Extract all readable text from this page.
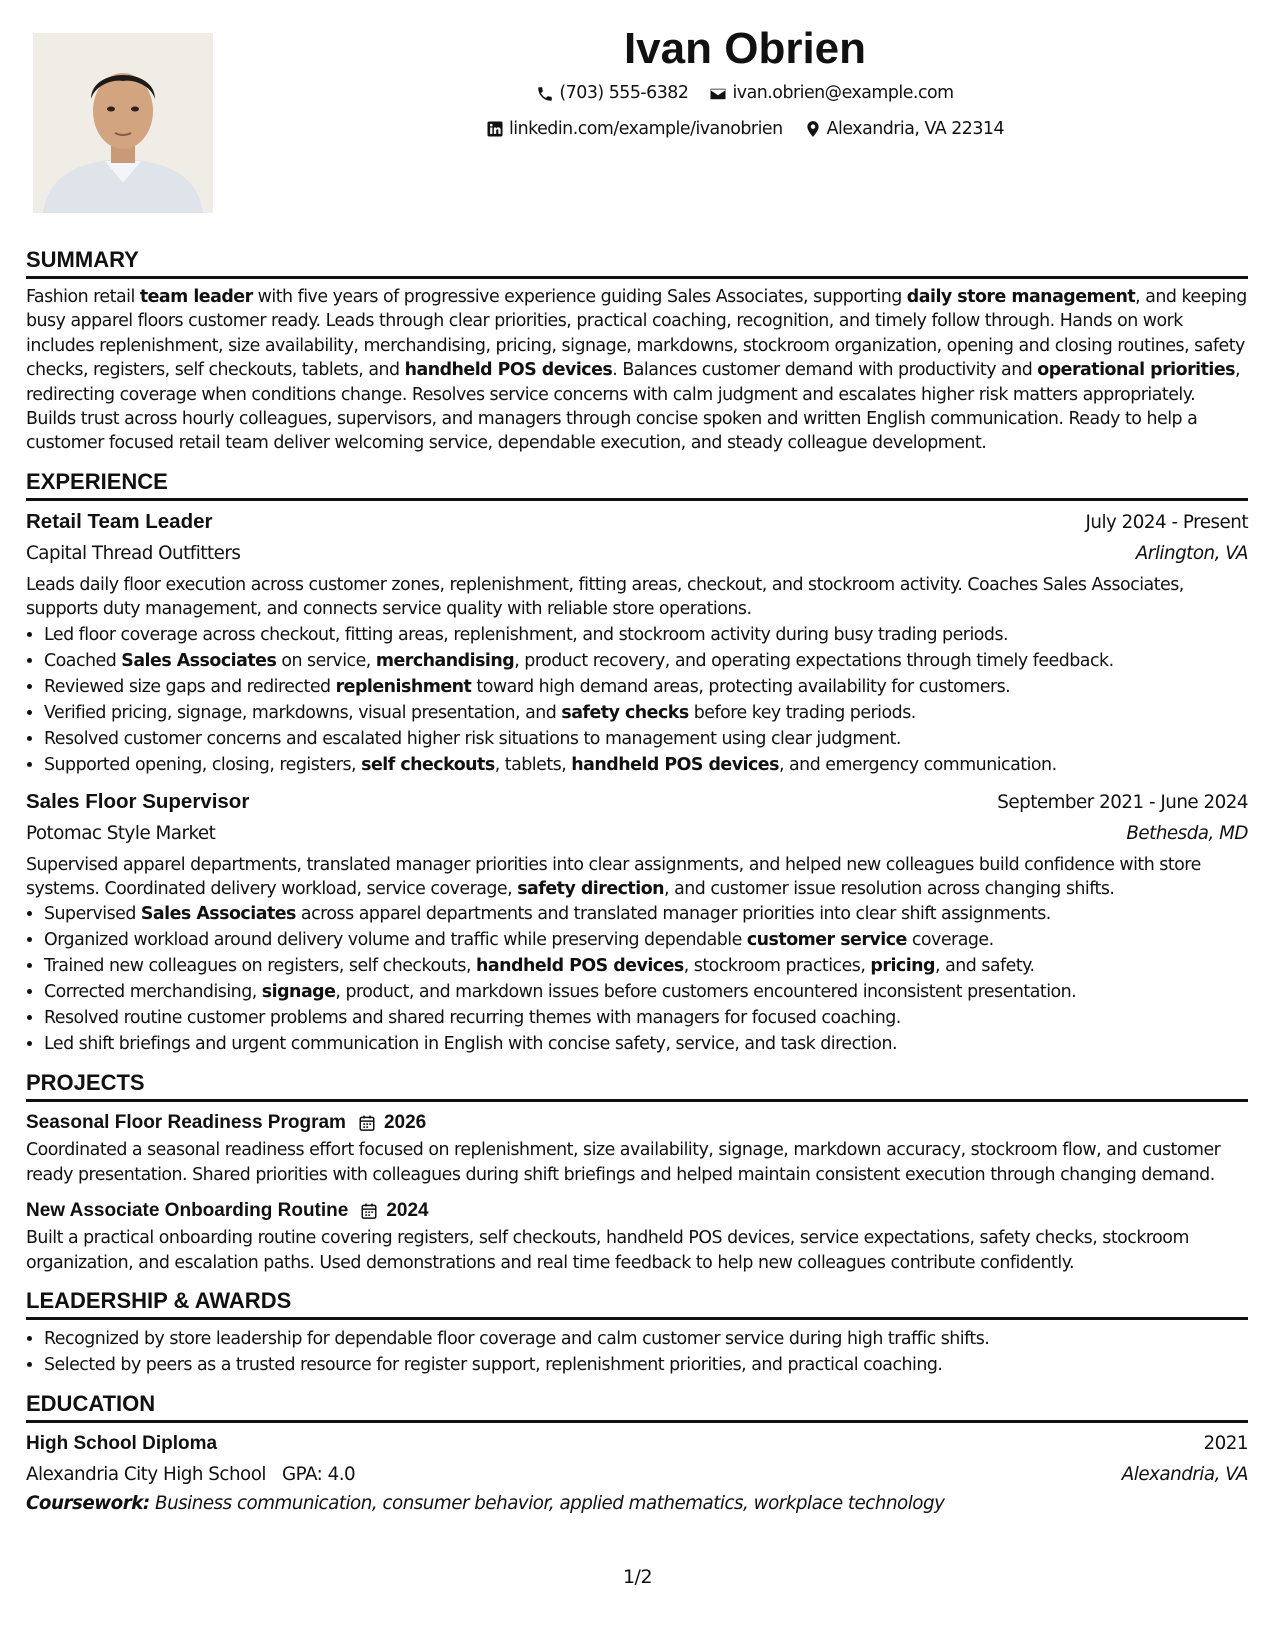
Ivan Obrien
(703) 555-6382
	ivan.obrien@example.com
linkedin.com/example/ivanobrien
	Alexandria, VA 22314
SUMMARY

Fashion retail team leader with five years of progressive experience guiding Sales Associates, supporting daily store management, and keeping busy apparel floors customer ready. Leads through clear priorities, practical coaching, recognition, and timely follow through. Hands on work includes replenishment, size availability, merchandising, pricing, signage, markdowns, stockroom organization, opening and closing routines, safety checks, registers, self checkouts, tablets, and handheld POS devices. Balances customer demand with productivity and operational priorities, redirecting coverage when conditions change. Resolves service concerns with calm judgment and escalates higher risk matters appropriately. Builds trust across hourly colleagues, supervisors, and managers through concise spoken and written English communication. Ready to help a customer focused retail team deliver welcoming service, dependable execution, and steady colleague development.

EXPERIENCE
Retail Team Leader	July 2024 - Present
Capital Thread Outfitters	Arlington, VA

Leads daily floor execution across customer zones, replenishment, fitting areas, checkout, and stockroom activity. Coaches Sales Associates, supports duty management, and connects service quality with reliable store operations.

• Led floor coverage across checkout, fitting areas, replenishment, and stockroom activity during busy trading periods.
• Coached Sales Associates on service, merchandising, product recovery, and operating expectations through timely feedback.
• Reviewed size gaps and redirected replenishment toward high demand areas, protecting availability for customers.
• Verified pricing, signage, markdowns, visual presentation, and safety checks before key trading periods.
• Resolved customer concerns and escalated higher risk situations to management using clear judgment.
• Supported opening, closing, registers, self checkouts, tablets, handheld POS devices, and emergency communication.
Sales Floor Supervisor	September 2021 - June 2024
Potomac Style Market	Bethesda, MD

Supervised apparel departments, translated manager priorities into clear assignments, and helped new colleagues build confidence with store systems. Coordinated delivery workload, service coverage, safety direction, and customer issue resolution across changing shifts.

• Supervised Sales Associates across apparel departments and translated manager priorities into clear shift assignments.
• Organized workload around delivery volume and traffic while preserving dependable customer service coverage.
• Trained new colleagues on registers, self checkouts, handheld POS devices, stockroom practices, pricing, and safety.
• Corrected merchandising, signage, product, and markdown issues before customers encountered inconsistent presentation.
• Resolved routine customer problems and shared recurring themes with managers for focused coaching.
• Led shift briefings and urgent communication in English with concise safety, service, and task direction.
PROJECTS
Seasonal Floor Readiness Program 2026

Coordinated a seasonal readiness effort focused on replenishment, size availability, signage, markdown accuracy, stockroom flow, and customer ready presentation. Shared priorities with colleagues during shift briefings and helped maintain consistent execution through changing demand.

New Associate Onboarding Routine 2024

Built a practical onboarding routine covering registers, self checkouts, handheld POS devices, service expectations, safety checks, stockroom organization, and escalation paths. Used demonstrations and real time feedback to help new colleagues contribute confidently.

LEADERSHIP & AWARDS
• Recognized by store leadership for dependable floor coverage and calm customer service during high traffic shifts.
• Selected by peers as a trusted resource for register support, replenishment priorities, and practical coaching.
EDUCATION
High School Diploma	2021
Alexandria City High School GPA: 4.0	Alexandria, VA
Coursework: Business communication, consumer behavior, applied mathematics, workplace technology
1/2
